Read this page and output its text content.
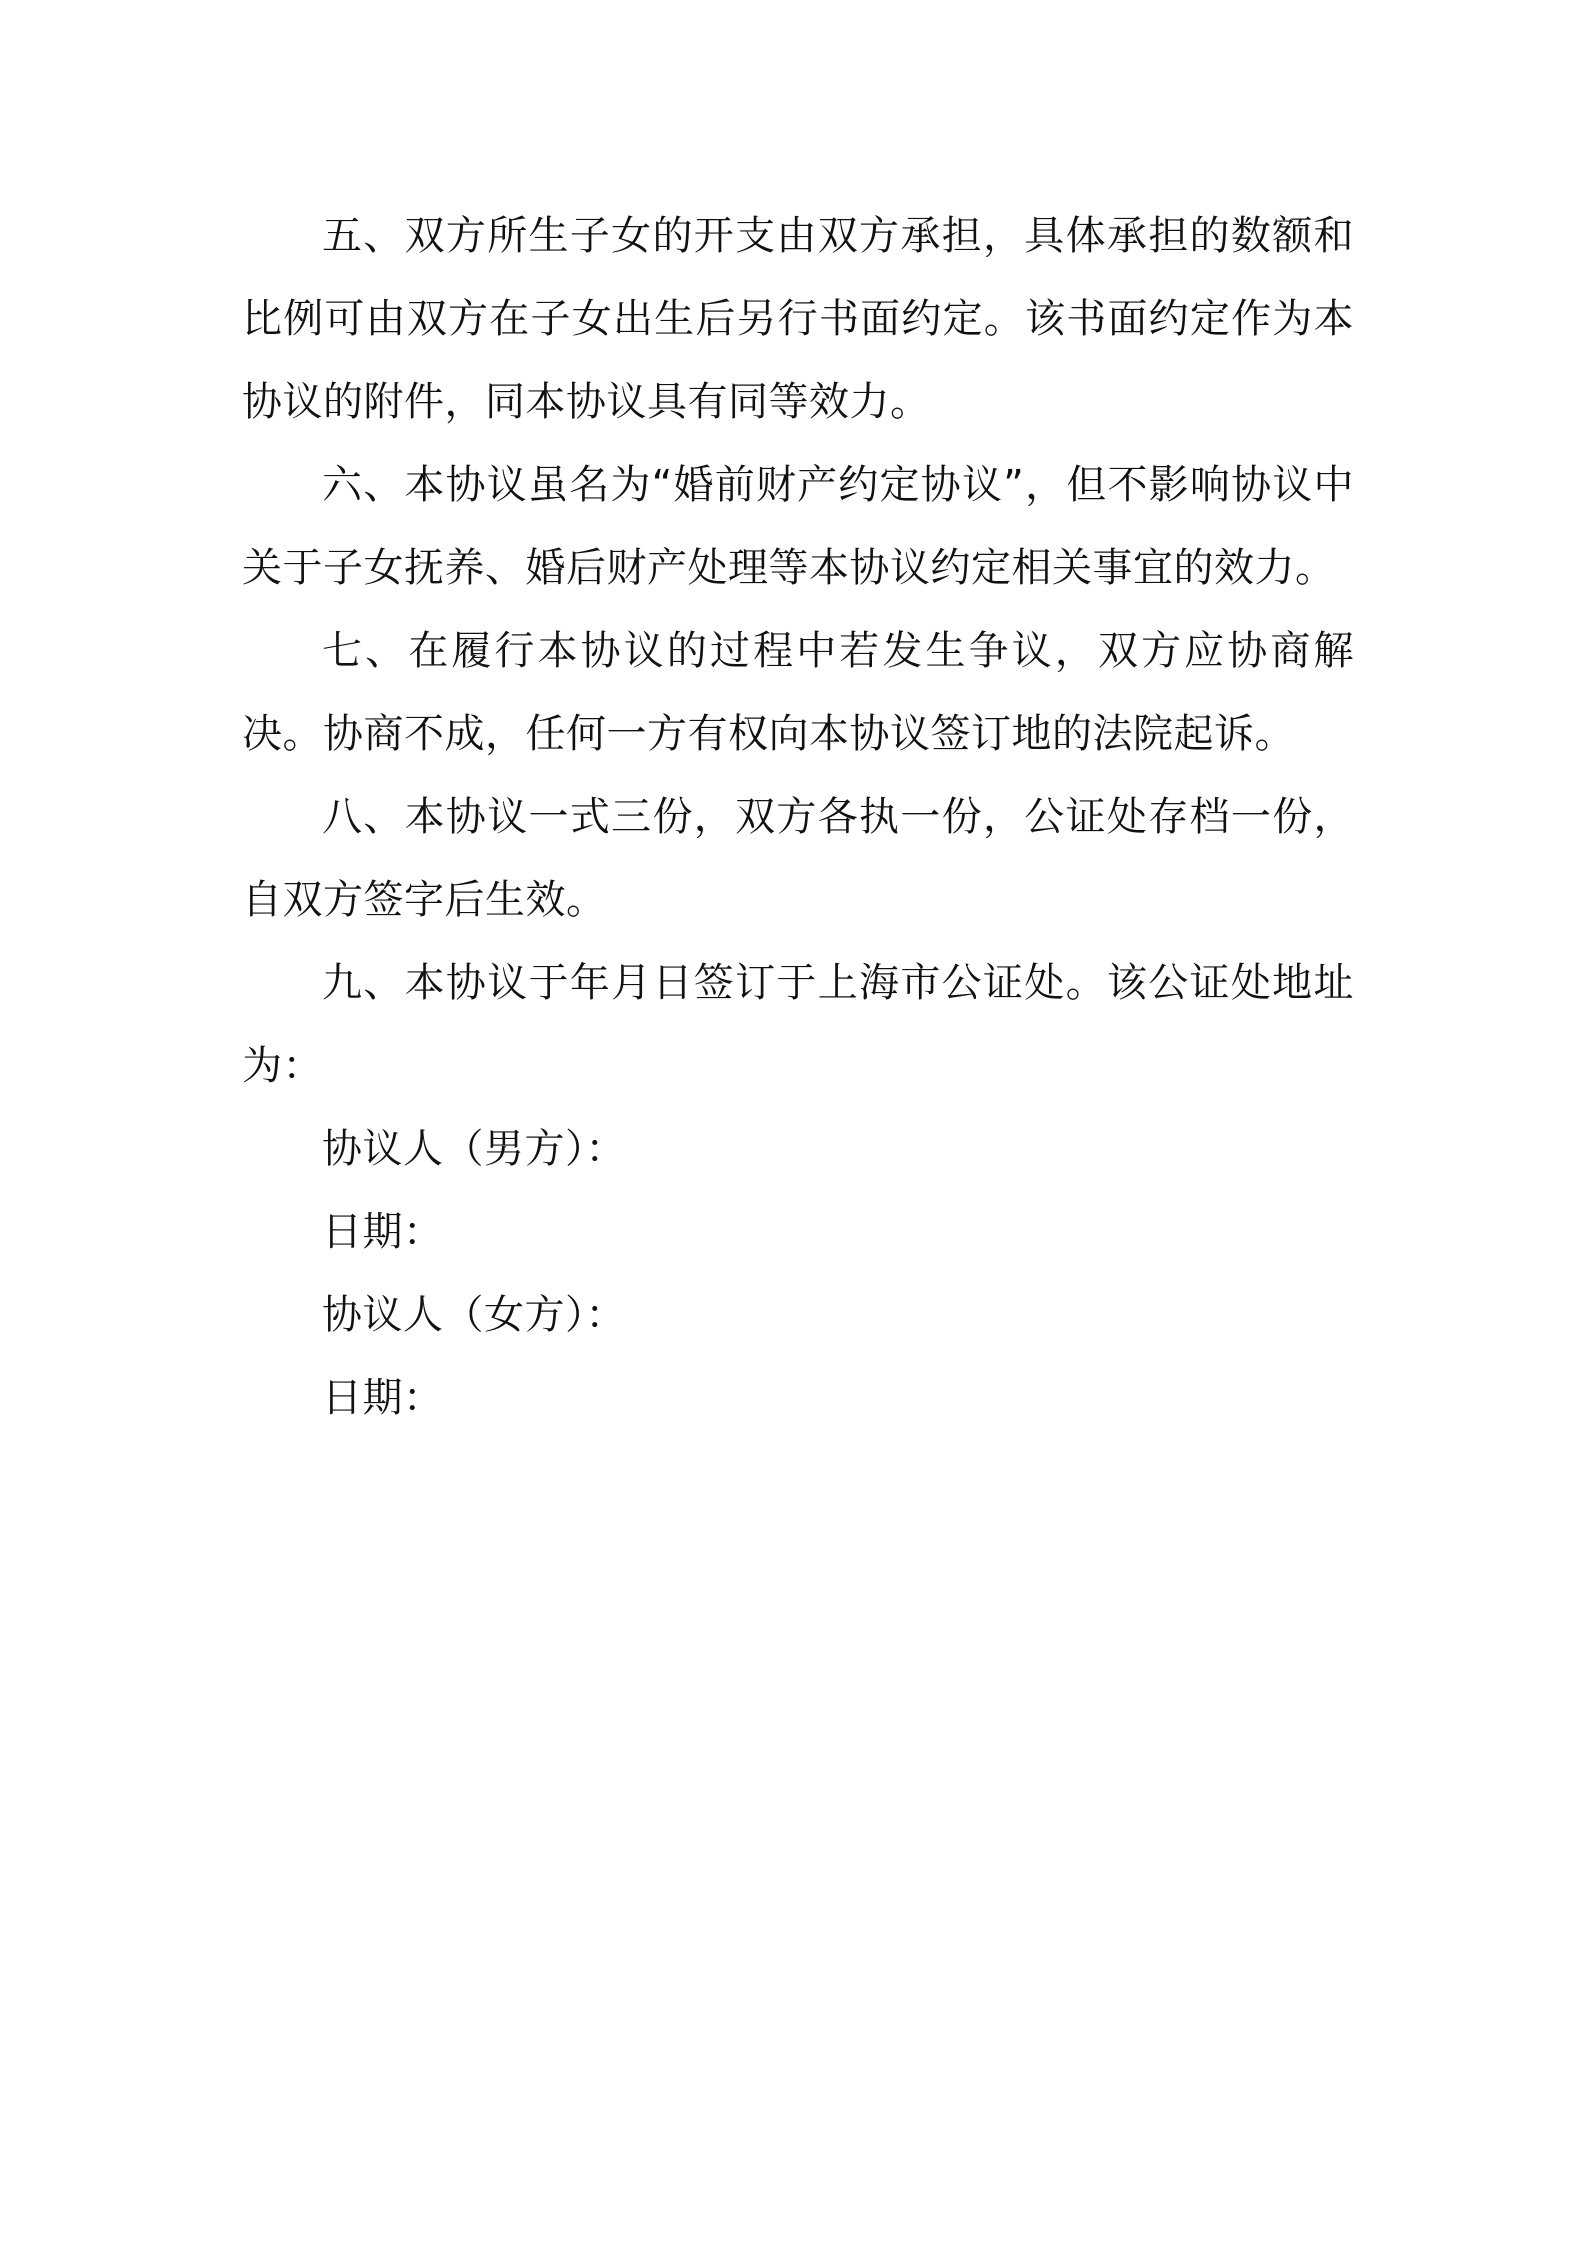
五、双方所生子女的开支由双方承担，具体承担的数额和比例可由双方在子女出生后另行书面约定。该书面约定作为本协议的附件，同本协议具有同等效力。

六、本协议虽名为“婚前财产约定协议”，但不影响协议中关于子女抚养、婚后财产处理等本协议约定相关事宜的效力。

七、在履行本协议的过程中若发生争议，双方应协商解决。协商不成，任何一方有权向本协议签订地的法院起诉。

八、本协议一式三份，双方各执一份，公证处存档一份，自双方签字后生效。

九、本协议于年月日签订于上海市公证处。该公证处地址为：

协议人（男方）：

日期：

协议人（女方）：

日期：
